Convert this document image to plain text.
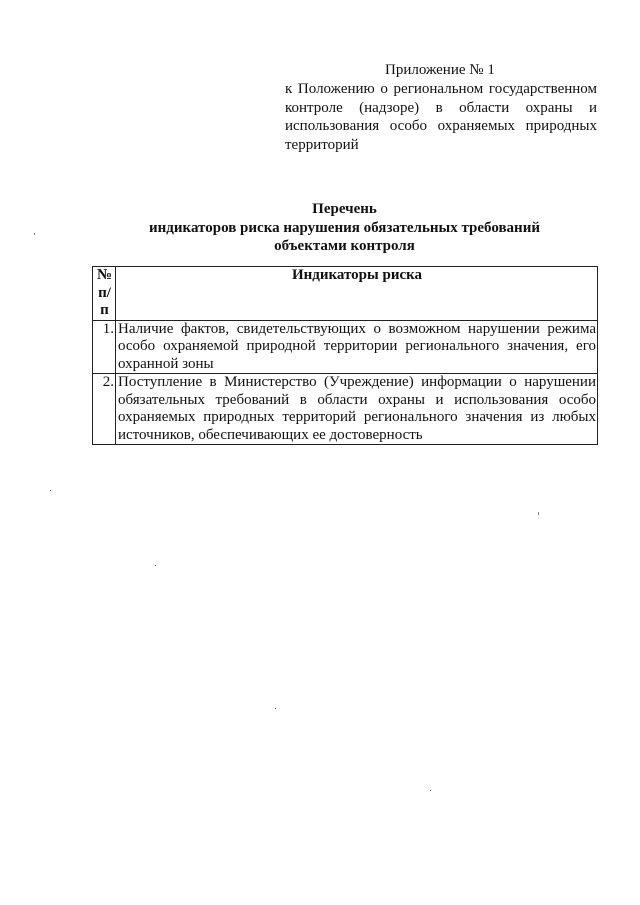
Приложение № 1
к Положению о региональном государственном контроле (надзоре) в области охраны и использования особо охраняемых природных территорий
Перечень
индикаторов риска нарушения обязательных требований
объектами контроля
№
п/п	Индикаторы риска
1.	Наличие фактов, свидетельствующих о возможном нарушении режима особо охраняемой природной территории регионального значения, его охранной зоны
2.	Поступление в Министерство (Учреждение) информации о нарушении обязательных требований в области охраны и использования особо охраняемых природных территорий регионального значения из любых источников, обеспечивающих ее достоверность
